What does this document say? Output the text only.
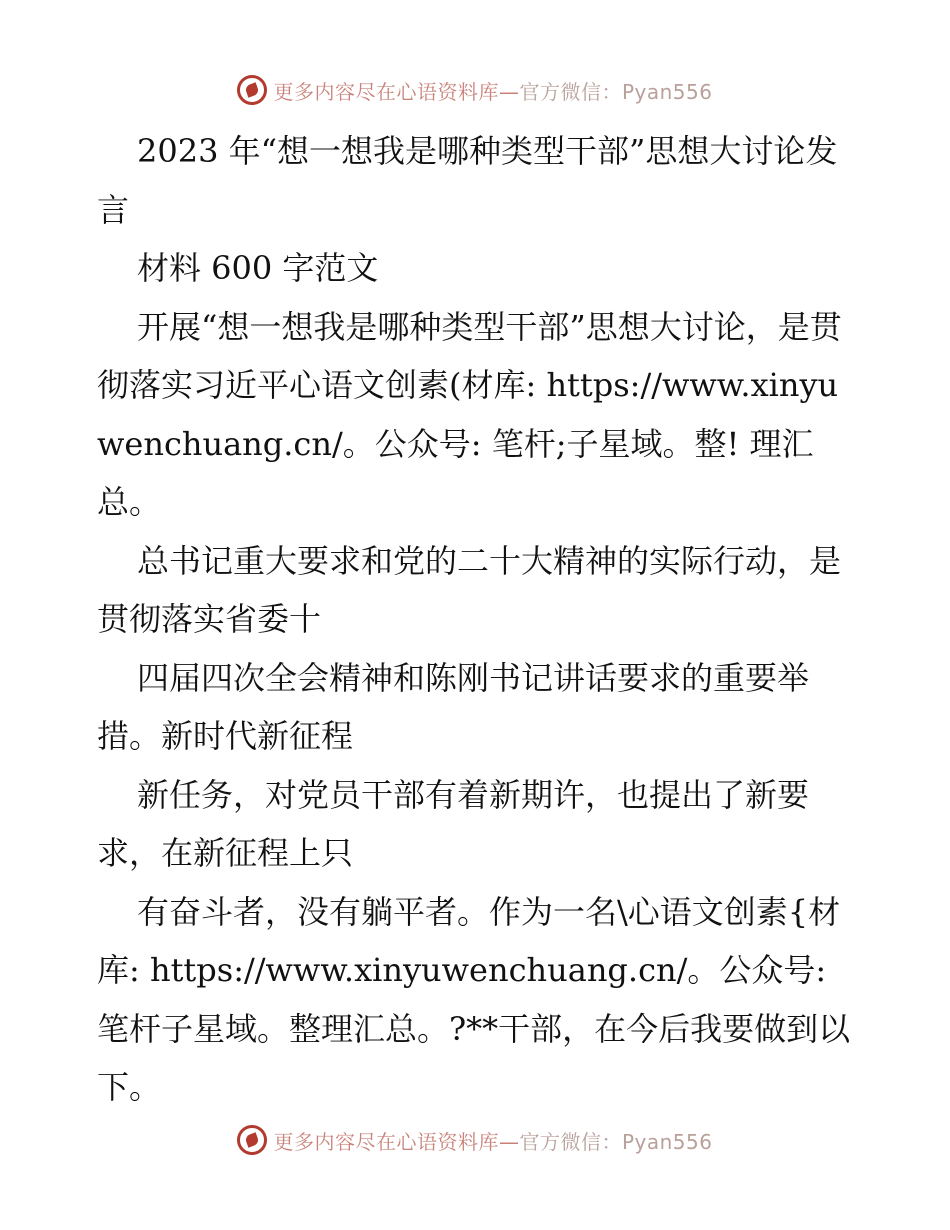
更多内容尽在心语资料库—官方微信：Pyan556

2023 年“想一想我是哪种类型干部”思想大讨论发言

材料 600 字范文

开展“想一想我是哪种类型干部”思想大讨论，是贯彻落实习近平心语文创素(材库: https://www.xinyuwenchuang.cn/。公众号: 笔杆;子星域。整! 理汇总。

总书记重大要求和党的二十大精神的实际行动，是贯彻落实省委十

四届四次全会精神和陈刚书记讲话要求的重要举措。新时代新征程

新任务，对党员干部有着新期许，也提出了新要求，在新征程上只

有奋斗者，没有躺平者。作为一名\心语文创素{材库: https://www.xinyuwenchuang.cn/。公众号: 笔杆子星域。整理汇总。?**干部，在今后我要做到以下。

更多内容尽在心语资料库—官方微信：Pyan556
